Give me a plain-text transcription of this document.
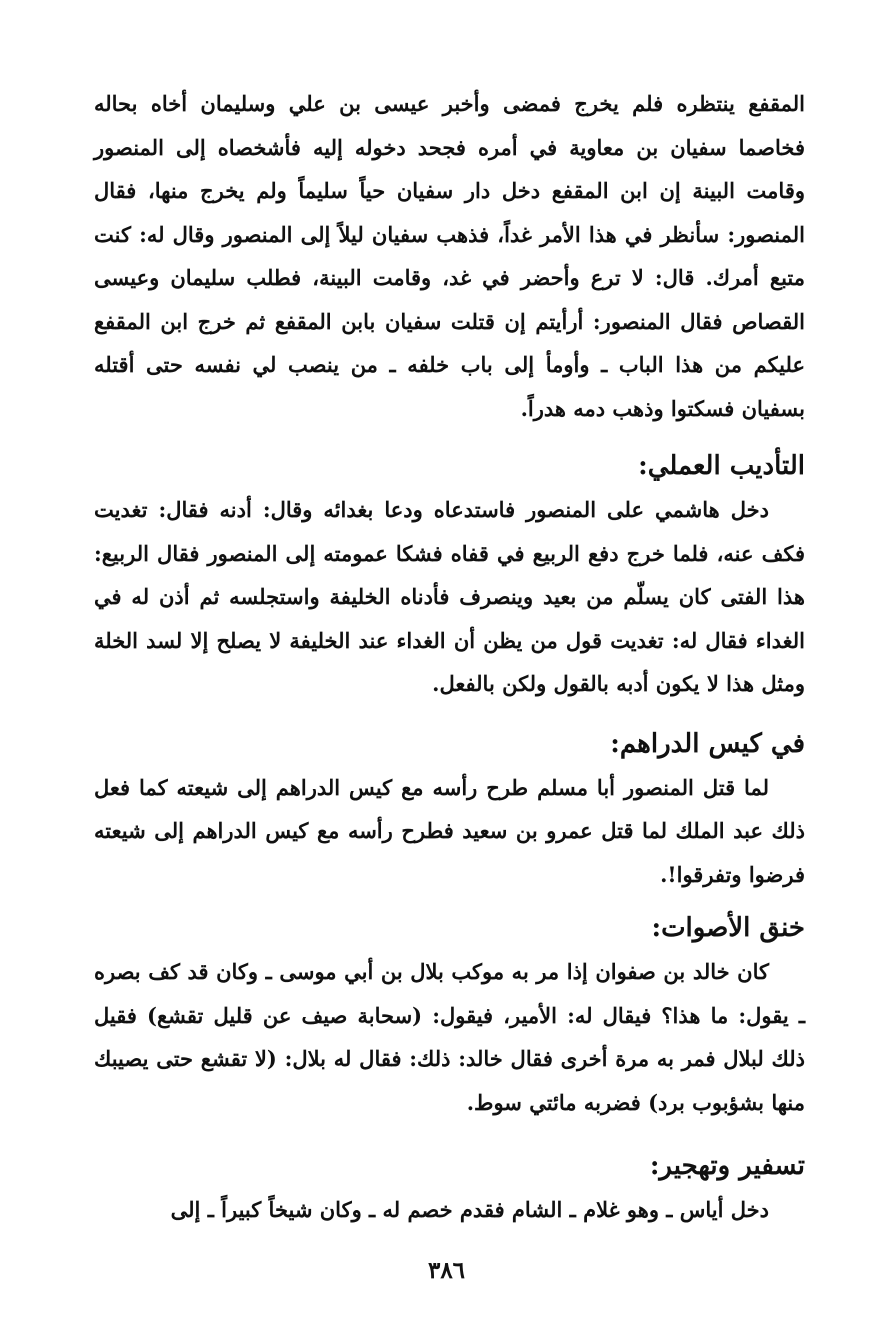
المقفع ينتظره فلم يخرج فمضى وأخبر عيسى بن علي وسليمان أخاه بحاله فخاصما سفيان بن معاوية في أمره فجحد دخوله إليه فأشخصاه إلى المنصور وقامت البينة إن ابن المقفع دخل دار سفيان حياً سليماً ولم يخرج منها، فقال المنصور: سأنظر في هذا الأمر غداً، فذهب سفيان ليلاً إلى المنصور وقال له: كنت متبع أمرك. قال: لا ترع وأحضر في غد، وقامت البينة، فطلب سليمان وعيسى القصاص فقال المنصور: أرأيتم إن قتلت سفيان بابن المقفع ثم خرج ابن المقفع عليكم من هذا الباب ـ وأومأ إلى باب خلفه ـ من ينصب لي نفسه حتى أقتله بسفيان فسكتوا وذهب دمه هدراً.

التأديب العملي:

دخل هاشمي على المنصور فاستدعاه ودعا بغدائه وقال: أدنه فقال: تغديت فكف عنه، فلما خرج دفع الربيع في قفاه فشكا عمومته إلى المنصور فقال الربيع: هذا الفتى كان يسلّم من بعيد وينصرف فأدناه الخليفة واستجلسه ثم أذن له في الغداء فقال له: تغديت قول من يظن أن الغداء عند الخليفة لا يصلح إلا لسد الخلة ومثل هذا لا يكون أدبه بالقول ولكن بالفعل.

في كيس الدراهم:

لما قتل المنصور أبا مسلم طرح رأسه مع كيس الدراهم إلى شيعته كما فعل ذلك عبد الملك لما قتل عمرو بن سعيد فطرح رأسه مع كيس الدراهم إلى شيعته فرضوا وتفرقوا!.

خنق الأصوات:

كان خالد بن صفوان إذا مر به موكب بلال بن أبي موسى ـ وكان قد كف بصره ـ يقول: ما هذا؟ فيقال له: الأمير، فيقول: (سحابة صيف عن قليل تقشع) فقيل ذلك لبلال فمر به مرة أخرى فقال خالد: ذلك: فقال له بلال: (لا تقشع حتى يصيبك منها بشؤبوب برد) فضربه مائتي سوط.

تسفير وتهجير:

دخل أياس ـ وهو غلام ـ الشام فقدم خصم له ـ وكان شيخاً كبيراً ـ إلى

٣٨٦
